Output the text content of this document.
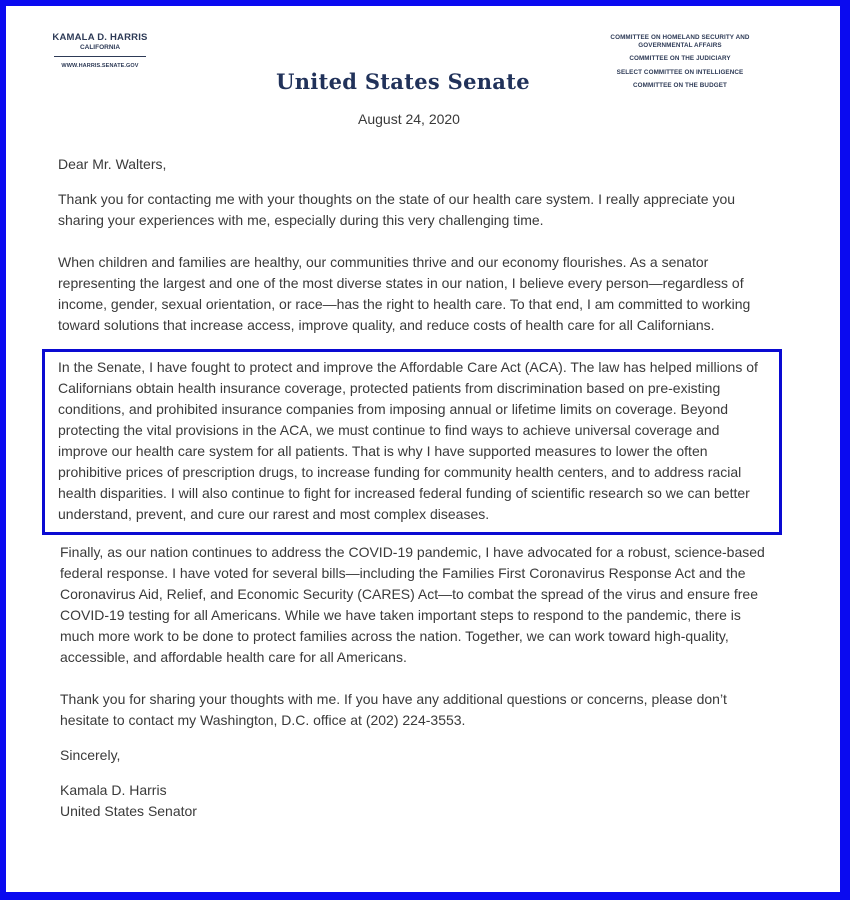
KAMALA D. HARRIS
CALIFORNIA
WWW.HARRIS.SENATE.GOV
United States Senate
COMMITTEE ON HOMELAND SECURITY AND GOVERNMENTAL AFFAIRS
COMMITTEE ON THE JUDICIARY
SELECT COMMITTEE ON INTELLIGENCE
COMMITTEE ON THE BUDGET
August 24, 2020
Dear Mr. Walters,
Thank you for contacting me with your thoughts on the state of our health care system. I really appreciate you
sharing your experiences with me, especially during this very challenging time.
When children and families are healthy, our communities thrive and our economy flourishes. As a senator
representing the largest and one of the most diverse states in our nation, I believe every person—regardless of
income, gender, sexual orientation, or race—has the right to health care. To that end, I am committed to working
toward solutions that increase access, improve quality, and reduce costs of health care for all Californians.
In the Senate, I have fought to protect and improve the Affordable Care Act (ACA). The law has helped millions of
Californians obtain health insurance coverage, protected patients from discrimination based on pre-existing
conditions, and prohibited insurance companies from imposing annual or lifetime limits on coverage. Beyond
protecting the vital provisions in the ACA, we must continue to find ways to achieve universal coverage and
improve our health care system for all patients. That is why I have supported measures to lower the often
prohibitive prices of prescription drugs, to increase funding for community health centers, and to address racial
health disparities. I will also continue to fight for increased federal funding of scientific research so we can better
understand, prevent, and cure our rarest and most complex diseases.
Finally, as our nation continues to address the COVID-19 pandemic, I have advocated for a robust, science-based
federal response. I have voted for several bills—including the Families First Coronavirus Response Act and the
Coronavirus Aid, Relief, and Economic Security (CARES) Act—to combat the spread of the virus and ensure free
COVID-19 testing for all Americans. While we have taken important steps to respond to the pandemic, there is
much more work to be done to protect families across the nation. Together, we can work toward high-quality,
accessible, and affordable health care for all Americans.
Thank you for sharing your thoughts with me. If you have any additional questions or concerns, please don’t
hesitate to contact my Washington, D.C. office at (202) 224-3553.
Sincerely,
Kamala D. Harris
United States Senator
